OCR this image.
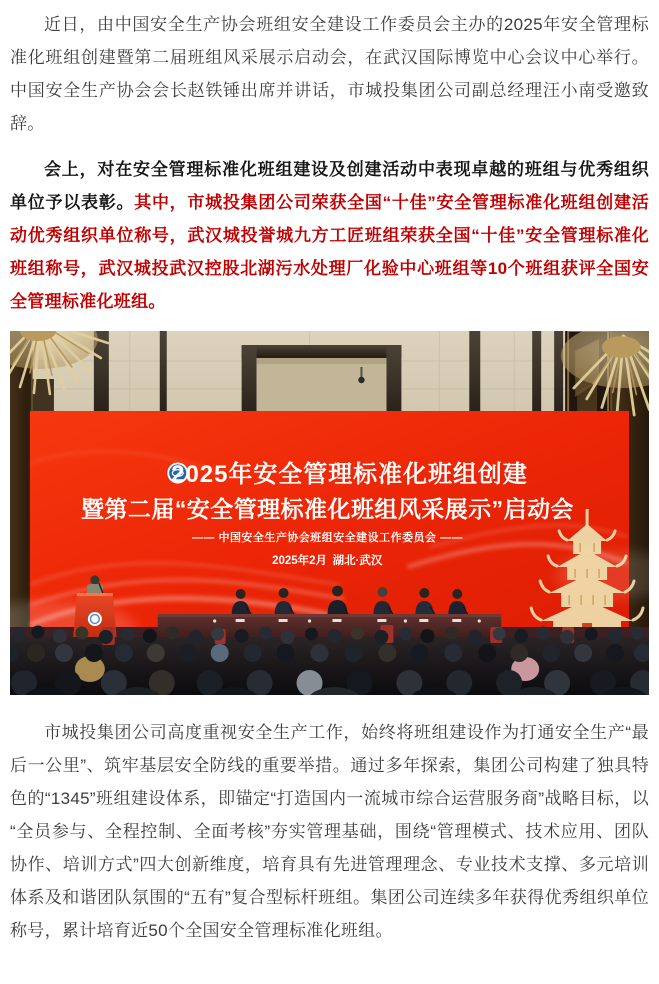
近日，由中国安全生产协会班组安全建设工作委员会主办的2025年安全管理标准化班组创建暨第二届班组风采展示启动会，在武汉国际博览中心会议中心举行。中国安全生产协会会长赵铁锤出席并讲话，市城投集团公司副总经理汪小南受邀致辞。

会上，对在安全管理标准化班组建设及创建活动中表现卓越的班组与优秀组织单位予以表彰。其中，市城投集团公司荣获全国“十佳”安全管理标准化班组创建活动优秀组织单位称号，武汉城投誉城九方工匠班组荣获全国“十佳”安全管理标准化班组称号，武汉城投武汉控股北湖污水处理厂化验中心班组等10个班组获评全国安全管理标准化班组。

2025年安全管理标准化班组创建
暨第二届“安全管理标准化班组风采展示”启动会
—— 中国安全生产协会班组安全建设工作委员会 ——
2025年2月 湖北·武汉

市城投集团公司高度重视安全生产工作，始终将班组建设作为打通安全生产“最后一公里”、筑牢基层安全防线的重要举措。通过多年探索，集团公司构建了独具特色的“1345”班组建设体系，即锚定“打造国内一流城市综合运营服务商”战略目标，以“全员参与、全程控制、全面考核”夯实管理基础，围绕“管理模式、技术应用、团队协作、培训方式”四大创新维度，培育具有先进管理理念、专业技术支撑、多元培训体系及和谐团队氛围的“五有”复合型标杆班组。集团公司连续多年获得优秀组织单位称号，累计培育近50个全国安全管理标准化班组。
